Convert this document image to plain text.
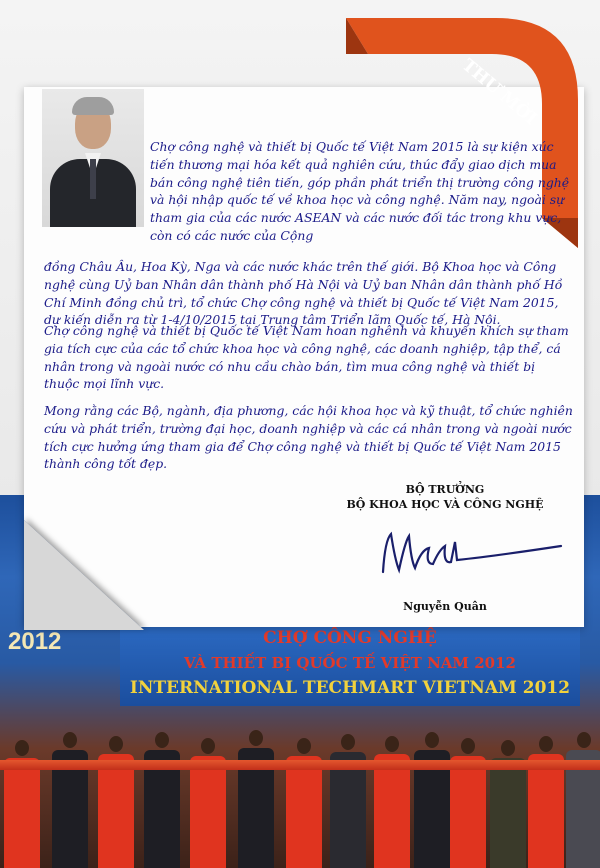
2012	CHỢ CÔNG NGHỆ
VÀ THIẾT BỊ QUỐC TẾ VIỆT NAM 2012
INTERNATIONAL TECHMART VIETNAM 2012
THƯ MỜI

Chợ công nghệ và thiết bị Quốc tế Việt Nam 2015 là sự kiện xúc tiến thương mại hóa kết quả nghiên cứu, thúc đẩy giao dịch mua bán công nghệ tiên tiến, góp phần phát triển thị trường công nghệ và hội nhập quốc tế về khoa học và công nghệ. Năm nay, ngoài sự tham gia của các nước ASEAN và các nước đối tác trong khu vực, còn có các nước của Cộng

đồng Châu Âu, Hoa Kỳ, Nga và các nước khác trên thế giới. Bộ Khoa học và Công nghệ cùng Uỷ ban Nhân dân thành phố Hà Nội và Uỷ ban Nhân dân thành phố Hồ Chí Minh đồng chủ trì, tổ chức Chợ công nghệ và thiết bị Quốc tế Việt Nam 2015, dự kiến diễn ra từ 1-4/10/2015 tại Trung tâm Triển lãm Quốc tế, Hà Nội.

Chợ công nghệ và thiết bị Quốc tế Việt Nam hoan nghênh và khuyến khích sự tham gia tích cực của các tổ chức khoa học và công nghệ, các doanh nghiệp, tập thể, cá nhân trong và ngoài nước có nhu cầu chào bán, tìm mua công nghệ và thiết bị thuộc mọi lĩnh vực.

Mong rằng các Bộ, ngành, địa phương, các hội khoa học và kỹ thuật, tổ chức nghiên cứu và phát triển, trường đại học, doanh nghiệp và các cá nhân trong và ngoài nước tích cực hưởng ứng tham gia để Chợ công nghệ và thiết bị Quốc tế Việt Nam 2015 thành công tốt đẹp.

BỘ TRƯỞNG
BỘ KHOA HỌC VÀ CÔNG NGHỆ
Nguyễn Quân
